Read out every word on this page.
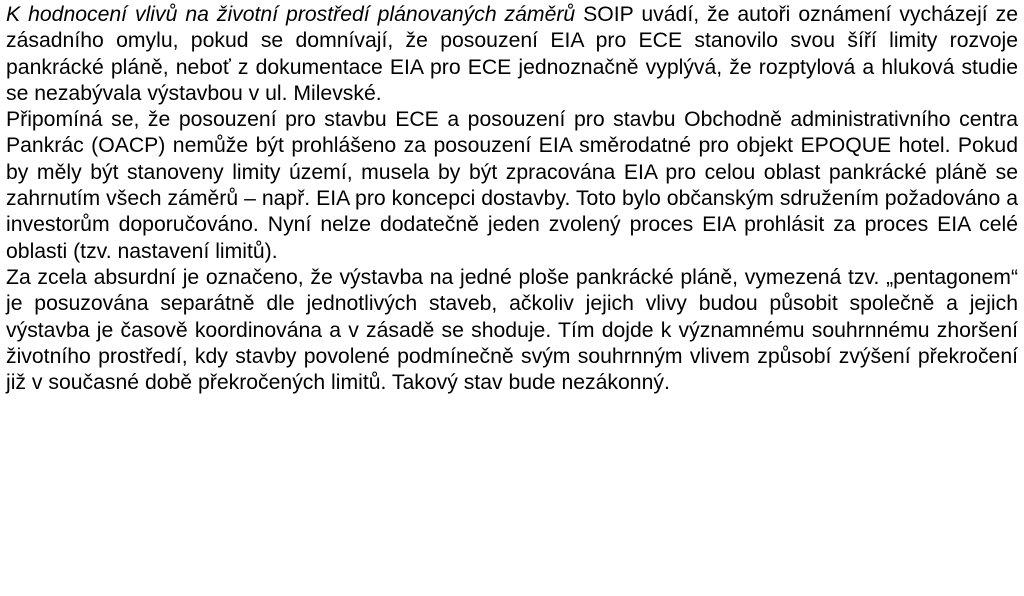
K hodnocení vlivů na životní prostředí plánovaných záměrů SOIP uvádí, že autoři oznámení vycházejí ze zásadního omylu, pokud se domnívají, že posouzení EIA pro ECE stanovilo svou šíří limity rozvoje pankrácké pláně, neboť z dokumentace EIA pro ECE jednoznačně vyplývá, že rozptylová a hluková studie se nezabývala výstavbou v ul. Milevské.

Připomíná se, že posouzení pro stavbu ECE a posouzení pro stavbu Obchodně administrativního centra Pankrác (OACP) nemůže být prohlášeno za posouzení EIA směrodatné pro objekt EPOQUE hotel. Pokud by měly být stanoveny limity území, musela by být zpracována EIA pro celou oblast pankrácké pláně se zahrnutím všech záměrů – např. EIA pro koncepci dostavby. Toto bylo občanským sdružením požadováno a investorům doporučováno. Nyní nelze dodatečně jeden zvolený proces EIA prohlásit za proces EIA celé oblasti (tzv. nastavení limitů).

Za zcela absurdní je označeno, že výstavba na jedné ploše pankrácké pláně, vymezená tzv. „pentagonem“ je posuzována separátně dle jednotlivých staveb, ačkoliv jejich vlivy budou působit společně a jejich výstavba je časově koordinována a v zásadě se shoduje. Tím dojde k významnému souhrnnému zhoršení životního prostředí, kdy stavby povolené podmínečně svým souhrnným vlivem způsobí zvýšení překročení již v současné době překročených limitů. Takový stav bude nezákonný.
